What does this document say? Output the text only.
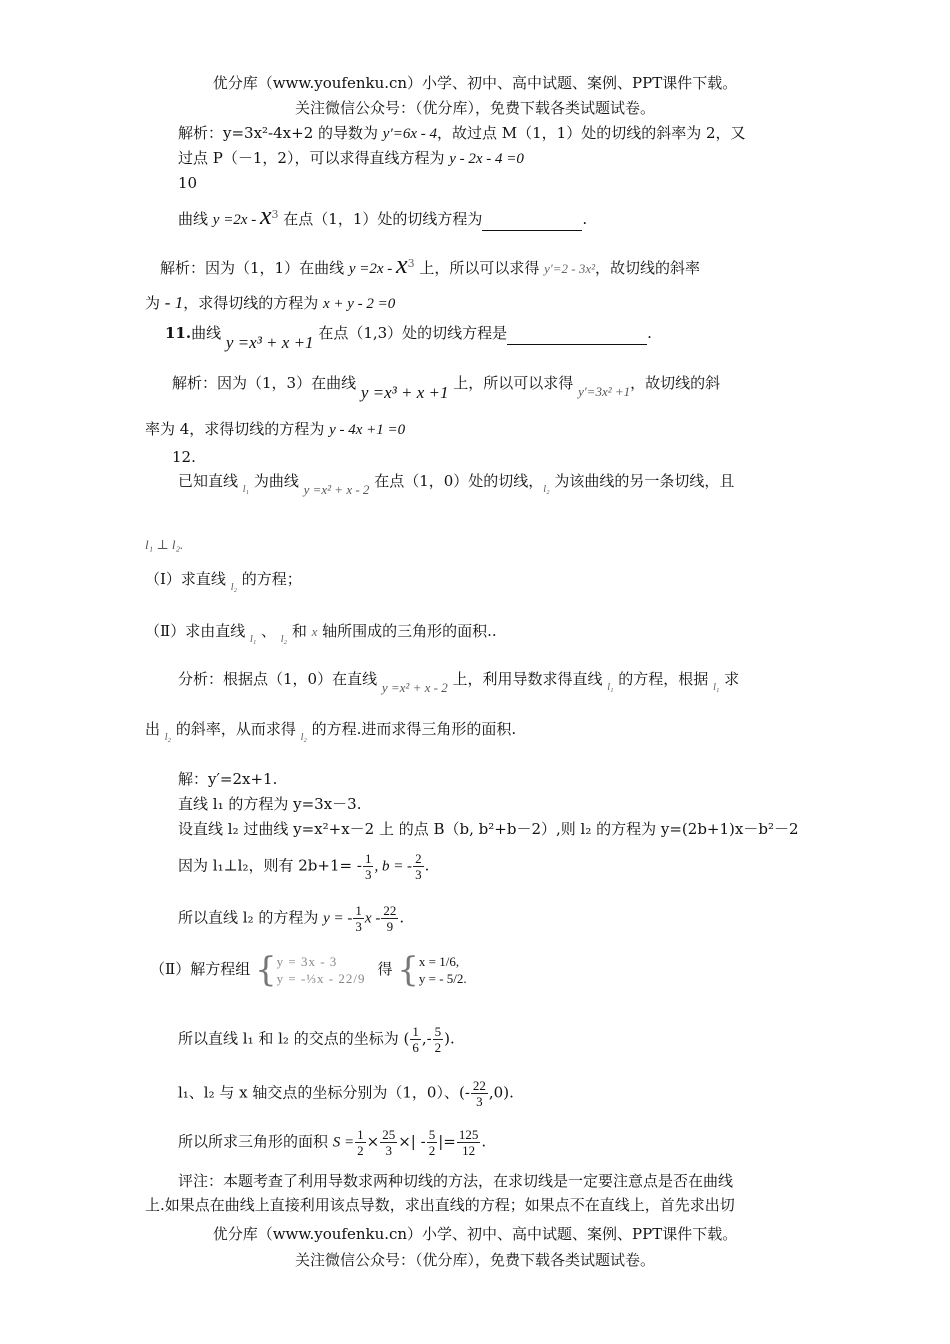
优分库（www.youfenku.cn）小学、初中、高中试题、案例、PPT课件下载。
关注微信公众号：（优分库），免费下载各类试题试卷。
解析：y=3x²-4x+2 的导数为 y′=6x - 4，故过点 M（1，1）处的切线的斜率为 2，又
过点 P（－1，2），可以求得直线方程为 y - 2x - 4 =0
10
曲线 $y =2x - x^3$ 在点（1，1）处的切线方程为	.
解析：因为（1，1）在曲线 $y =2x - x^3$ 上，所以可以求得 y′=2 - 3x²，故切线的斜率
为 - 1，求得切线的方程为 x + y - 2 =0
11.曲线 y =x³ + x +1 在点（1,3）处的切线方程是	.
解析：因为（1，3）在曲线 y =x³ + x +1 上，所以可以求得 y′=3x² +1，故切线的斜
率为 4，求得切线的方程为 y - 4x +1 =0
12.
已知直线 $_{l_1}$ 为曲线 y =x² + x - 2 在点（1，0）处的切线，$_{l_2}$ 为该曲线的另一条切线，且
l₁ ⊥ l₂.
（Ⅰ）求直线 $_{l_2}$ 的方程；
（Ⅱ）求由直线 $_{l_1}$ 、 $_{l_2}$ 和 x 轴所围成的三角形的面积..
分析：根据点（1，0）在直线 y =x² + x - 2 上，利用导数求得直线 $_{l_1}$ 的方程，根据 $_{l_1}$ 求
出 $_{l_2}$ 的斜率，从而求得 $_{l_2}$ 的方程.进而求得三角形的面积.
解：y′=2x+1.
直线 l₁ 的方程为 y=3x－3.
设直线 l₂ 过曲线 y=x²+x－2 上 的点 B（b, b²+b－2）,则 l₂ 的方程为 y=(2b+1)x－b²－2
因为 l₁⊥l₂，则有 $2b+1= - \frac{1}{3}$ , b = - $\frac{2}{3}$ .
所以直线 l₂ 的方程为 y = - $\frac{1}{3}$ x - $\frac{22}{9}$ .
（Ⅱ）解方程组 { y = 3x - 3
y = -⅓x - 22/9
得 { x = 1/6,
y = - 5/2.
所以直线 l₁ 和 l₂ 的交点的坐标为 ( $\frac{1}{6}$ ,- $\frac{5}{2}$ ).
l₁、l₂ 与 x 轴交点的坐标分别为（1，0）、(- $\frac{22}{3} ,0$).
所以所求三角形的面积 $S = \frac{1}{2} \times \frac{25}{3}$ ×| - $\frac{5}{2}$ |= $\frac{125}{12}$ .
评注：本题考查了利用导数求两种切线的方法，在求切线是一定要注意点是否在曲线
上.如果点在曲线上直接利用该点导数，求出直线的方程；如果点不在直线上，首先求出切
优分库（www.youfenku.cn）小学、初中、高中试题、案例、PPT课件下载。
关注微信公众号：（优分库），免费下载各类试题试卷。
